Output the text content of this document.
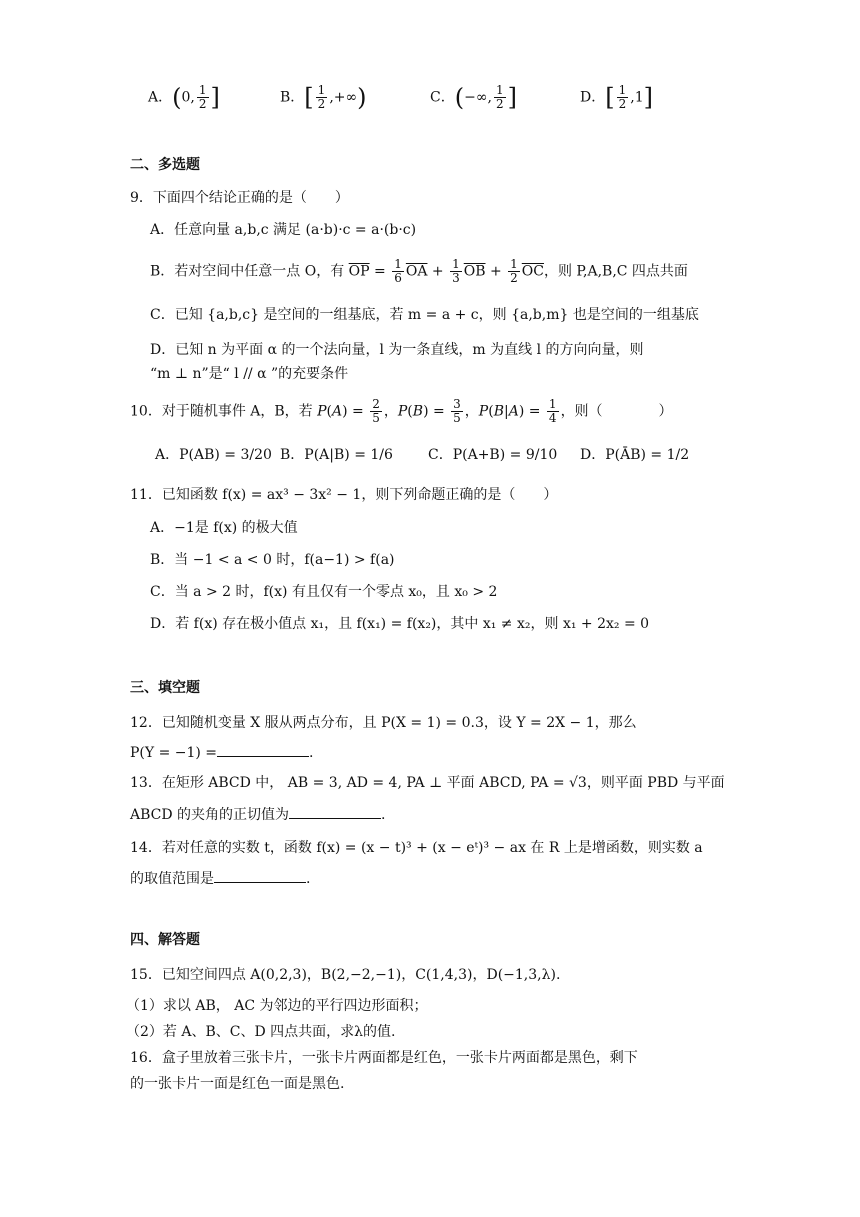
A．(0, $\frac{1}{2}$ ]	B．[ $\frac{1}{2}$ ,+∞)	C．(−∞, $\frac{1}{2}$ ]	D．[ $\frac{1}{2} ,1$]
二、多选题
9．下面四个结论正确的是（　　）
A．任意向量 a,b,c 满足 (a·b)·c = a·(b·c)
B．若对空间中任意一点 O，有 $\overline{OP} = \frac{1}{6} \overline{OA} + \frac{1}{3} \overline{OB} + \frac{1}{2} \overline{OC}$，则 P,A,B,C 四点共面
C．已知 {a,b,c} 是空间的一组基底，若 m = a + c，则 {a,b,m} 也是空间的一组基底
D．已知 n 为平面 α 的一个法向量，l 为一条直线，m 为直线 l 的方向向量，则
“m ⊥ n”是“ l // α ”的充要条件
10．对于随机事件 A，B，若 $P(A) = \frac{2}{5}$ ，$P(B) = \frac{3}{5}$ ，$P(B|A) = \frac{1}{4}$ ，则（　　　　）
A．P(AB) = 3/20 B．P(A|B) = 1/6	C．P(A+B) = 9/10 D．P(ĀB) = 1/2
11．已知函数 f(x) = ax³ − 3x² − 1，则下列命题正确的是（　　）
A．−1是 f(x) 的极大值
B．当 −1 < a < 0 时，f(a−1) > f(a)
C．当 a > 2 时，f(x) 有且仅有一个零点 x₀，且 x₀ > 2
D．若 f(x) 存在极小值点 x₁，且 f(x₁) = f(x₂)，其中 x₁ ≠ x₂，则 x₁ + 2x₂ = 0
三、填空题
12．已知随机变量 X 服从两点分布，且 P(X = 1) = 0.3，设 Y = 2X − 1，那么
P(Y = −1) =	.
13．在矩形 ABCD 中， AB = 3, AD = 4, PA ⊥ 平面 ABCD, PA = √3，则平面 PBD 与平面
ABCD 的夹角的正切值为	.
14．若对任意的实数 t，函数 f(x) = (x − t)³ + (x − eᵗ)³ − ax 在 R 上是增函数，则实数 a
的取值范围是	.
四、解答题
15．已知空间四点 A(0,2,3)，B(2,−2,−1)，C(1,4,3)，D(−1,3,λ).
（1）求以 AB， AC 为邻边的平行四边形面积；
（2）若 A、B、C、D 四点共面，求λ的值.
16．盒子里放着三张卡片，一张卡片两面都是红色，一张卡片两面都是黑色，剩下
的一张卡片一面是红色一面是黑色.
